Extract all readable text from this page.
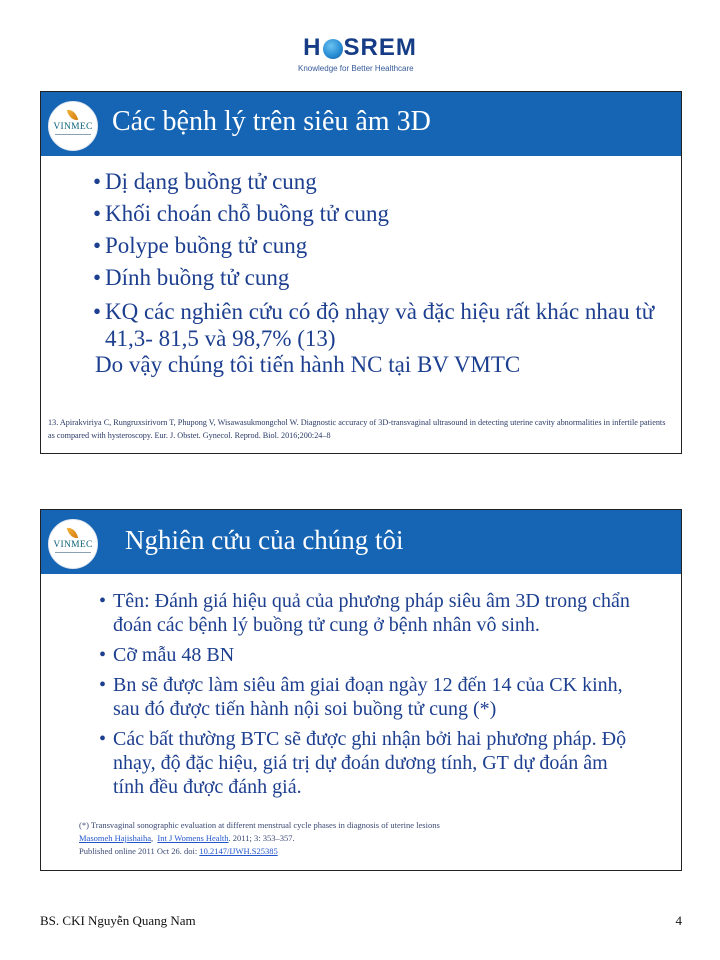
H SREM
Knowledge for Better Healthcare
VINMEC Các bệnh lý trên siêu âm 3D
• Dị dạng buồng tử cung
• Khối choán chỗ buồng tử cung
• Polype buồng tử cung
• Dính buồng tử cung
• KQ các nghiên cứu có độ nhạy và đặc hiệu rất khác nhau từ 41,3- 81,5 và 98,7% (13)
Do vậy chúng tôi tiến hành NC tại BV VMTC
13. Apirakviriya C, Rungruxsirivorn T, Phupong V, Wisawasukmongchol W. Diagnostic accuracy of 3D-transvaginal ultrasound in detecting uterine cavity abnormalities in infertile patients as compared with hysteroscopy. Eur. J. Obstet. Gynecol. Reprod. Biol. 2016;200:24–8
VINMEC Nghiên cứu của chúng tôi
• Tên: Đánh giá hiệu quả của phương pháp siêu âm 3D trong chẩn đoán các bệnh lý buồng tử cung ở bệnh nhân vô sinh.
• Cỡ mẫu 48 BN
• Bn sẽ được làm siêu âm giai đoạn ngày 12 đến 14 của CK kinh, sau đó được tiến hành nội soi buồng tử cung (*)
• Các bất thường BTC sẽ được ghi nhận bởi hai phương pháp. Độ nhạy, độ đặc hiệu, giá trị dự đoán dương tính, GT dự đoán âm tính đều được đánh giá.
(*) Transvaginal sonographic evaluation at different menstrual cycle phases in diagnosis of uterine lesions
Masomeh Hajishaiha,  Int J Womens Health. 2011; 3: 353–357.
Published online 2011 Oct 26. doi: 10.2147/IJWH.S25385
BS. CKI Nguyễn Quang Nam	4
